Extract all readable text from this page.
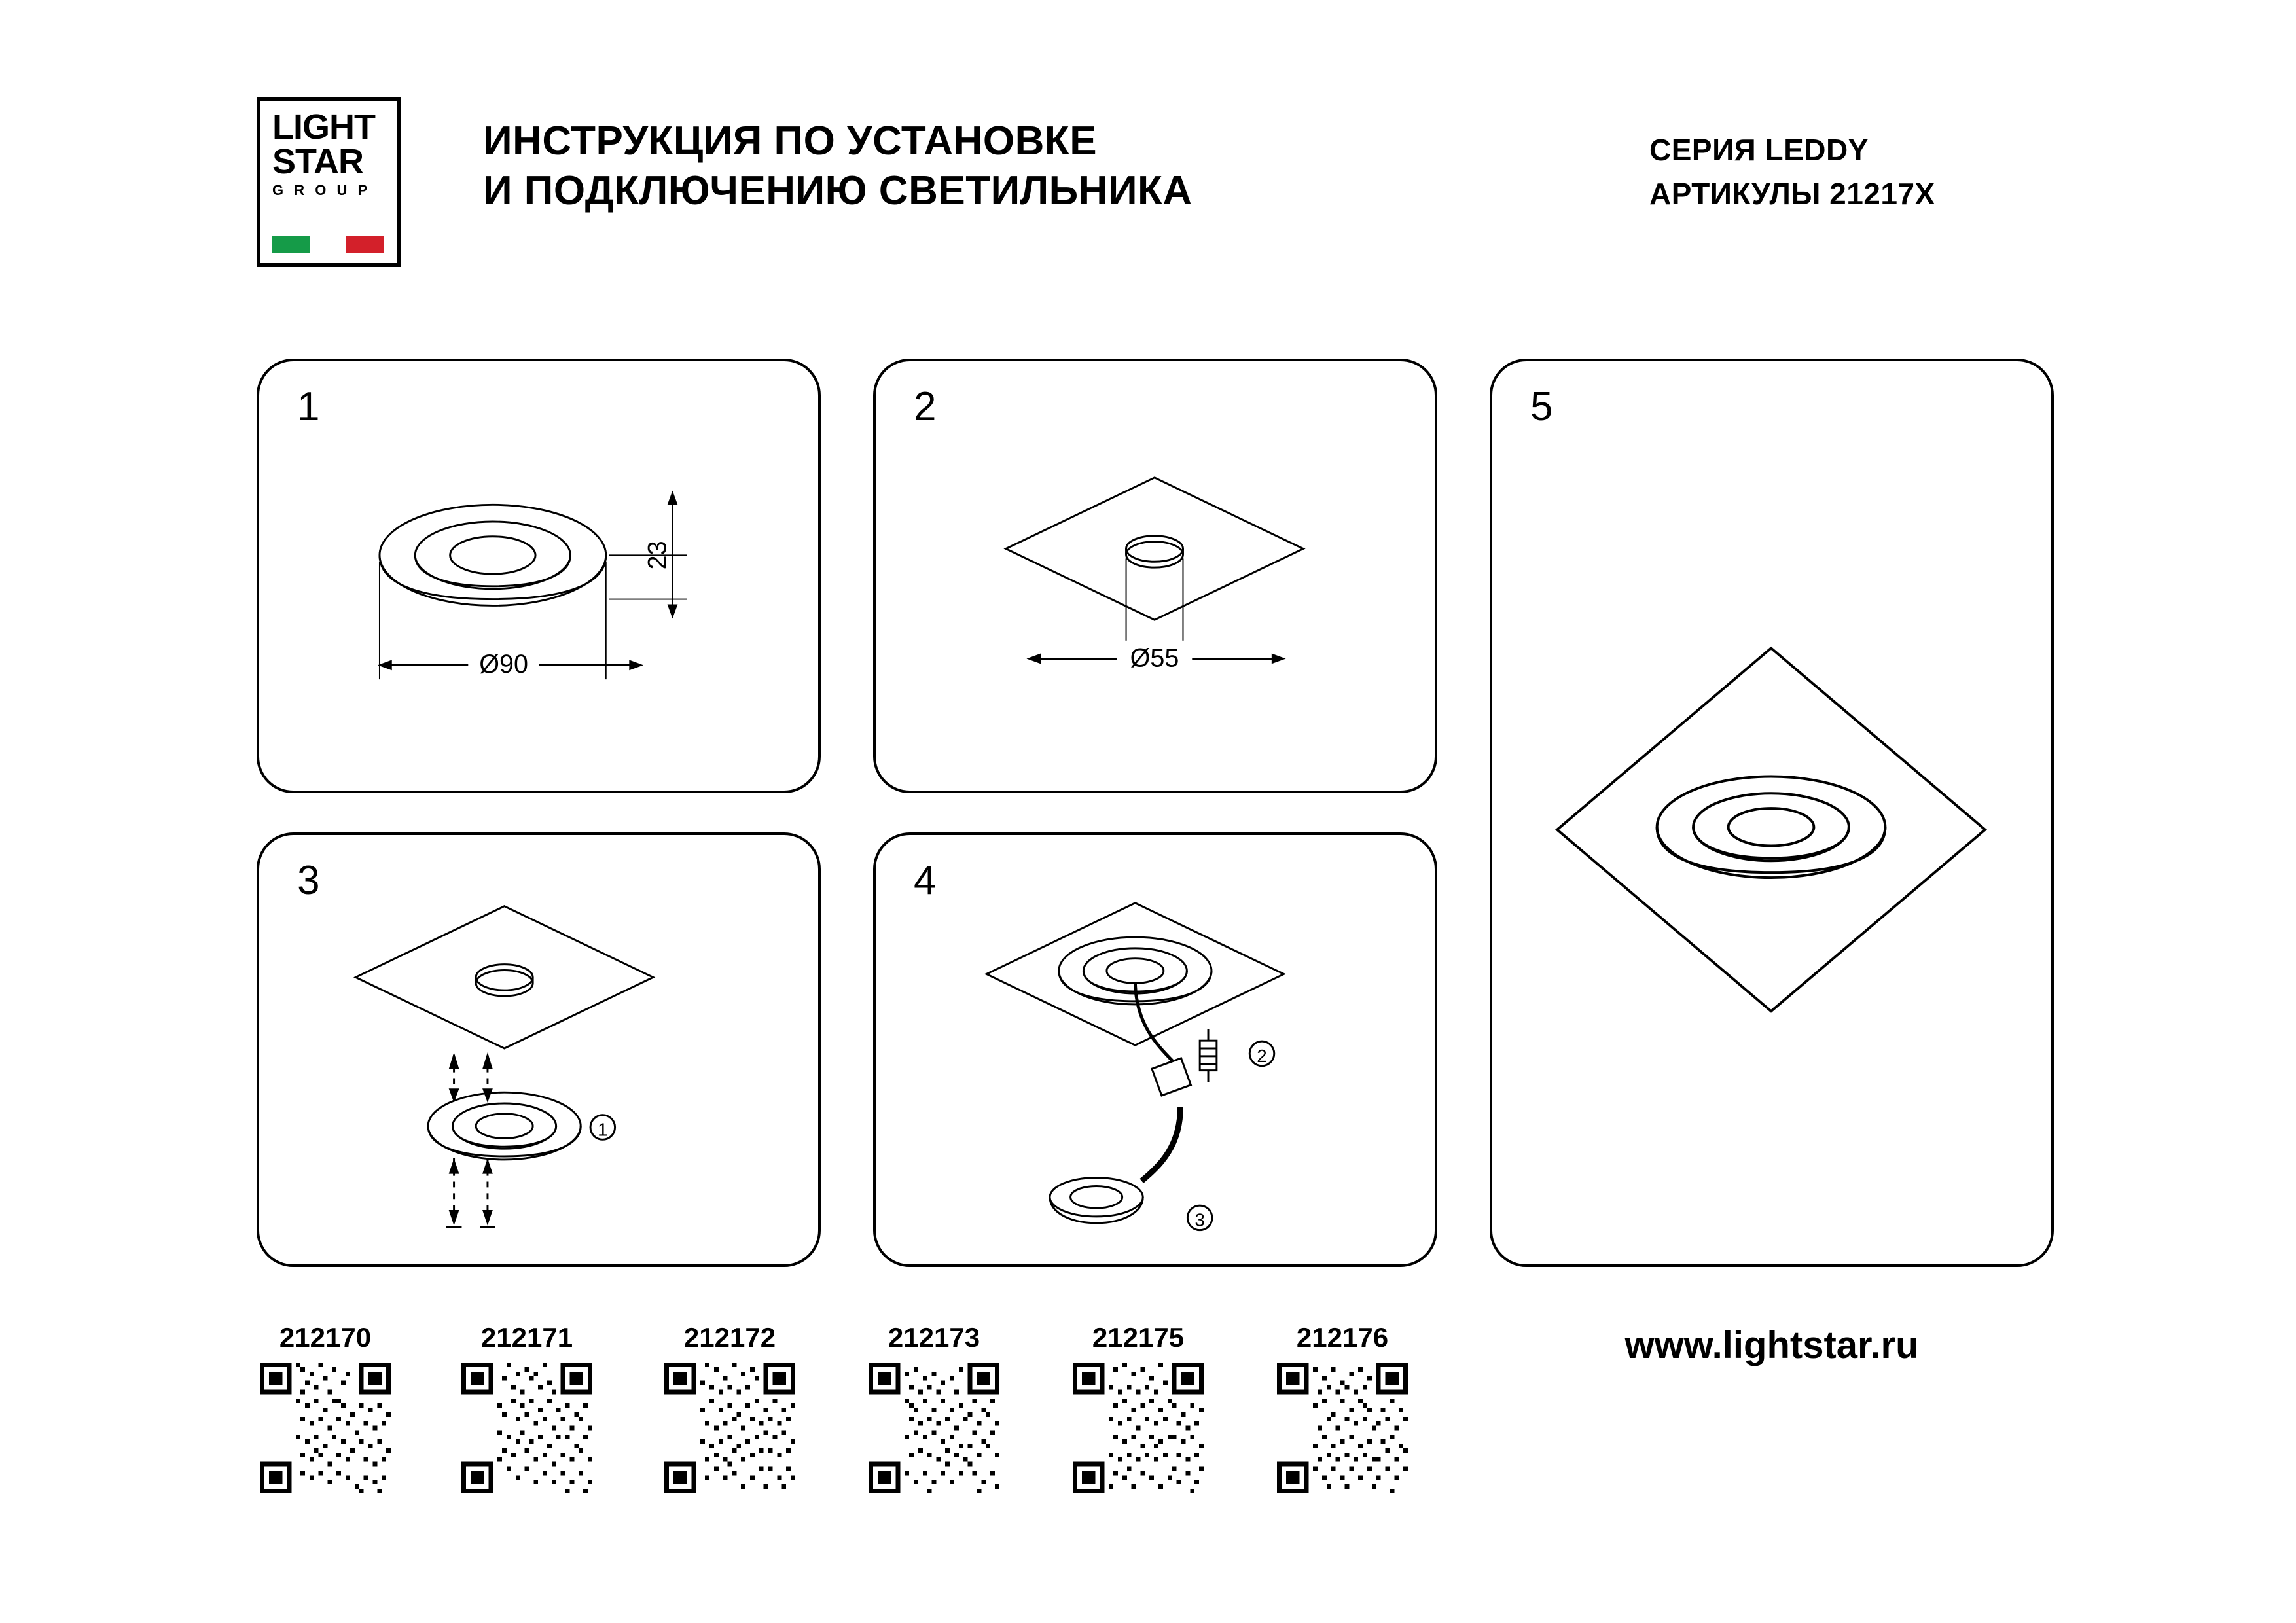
LIGHT
STAR
G R O U P
ИНСТРУКЦИЯ ПО УСТАНОВКЕ
И ПОДКЛЮЧЕНИЮ СВЕТИЛЬНИКА
СЕРИЯ LEDDY
АРТИКУЛЫ 21217X
1
Ø90
23
2
Ø55
3
1
4
2
3
5
212170	212171	212172	212173	212175	212176	www.lightstar.ru
